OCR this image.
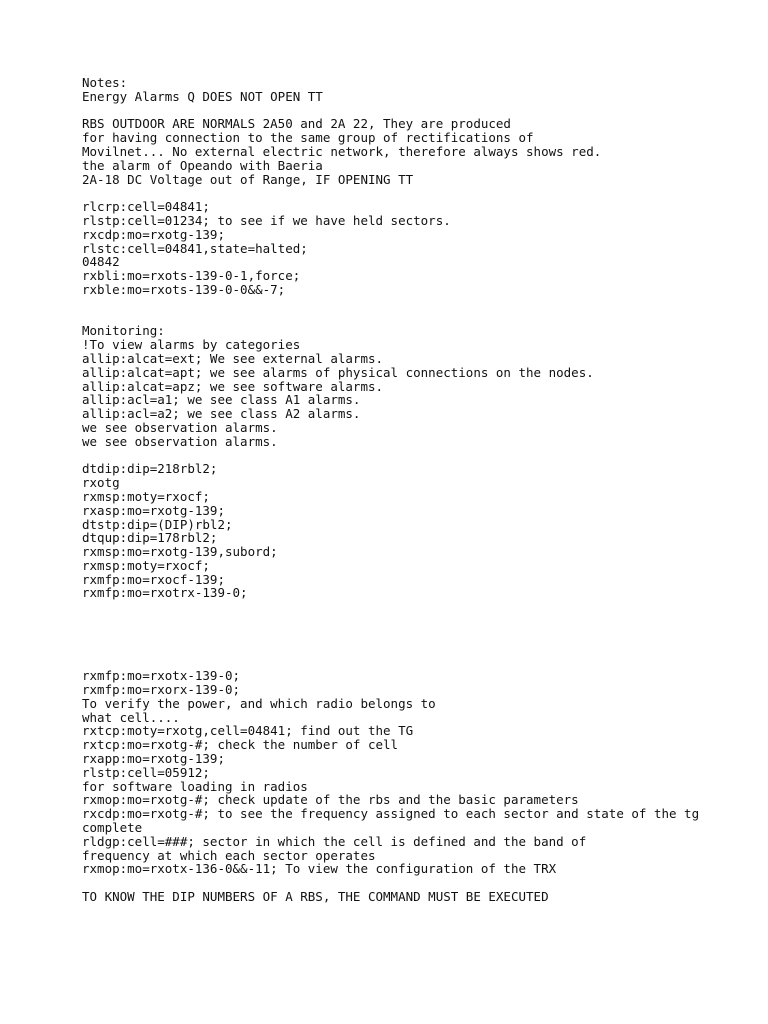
Notes:
Energy Alarms Q DOES NOT OPEN TT
RBS OUTDOOR ARE NORMALS 2A50 and 2A 22, They are produced
for having connection to the same group of rectifications of
Movilnet... No external electric network, therefore always shows red.
the alarm of Opeando with Baeria
2A-18 DC Voltage out of Range, IF OPENING TT
rlcrp:cell=04841;
rlstp:cell=01234; to see if we have held sectors.
rxcdp:mo=rxotg-139;
rlstc:cell=04841,state=halted;
04842
rxbli:mo=rxots-139-0-1,force;
rxble:mo=rxots-139-0-0&&-7;
Monitoring:
!To view alarms by categories
allip:alcat=ext; We see external alarms.
allip:alcat=apt; we see alarms of physical connections on the nodes.
allip:alcat=apz; we see software alarms.
allip:acl=a1; we see class A1 alarms.
allip:acl=a2; we see class A2 alarms.
we see observation alarms.
we see observation alarms.
dtdip:dip=218rbl2;
rxotg
rxmsp:moty=rxocf;
rxasp:mo=rxotg-139;
dtstp:dip=(DIP)rbl2;
dtqup:dip=178rbl2;
rxmsp:mo=rxotg-139,subord;
rxmsp:moty=rxocf;
rxmfp:mo=rxocf-139;
rxmfp:mo=rxotrx-139-0;
rxmfp:mo=rxotx-139-0;
rxmfp:mo=rxorx-139-0;
To verify the power, and which radio belongs to
what cell....
rxtcp:moty=rxotg,cell=04841; find out the TG
rxtcp:mo=rxotg-#; check the number of cell
rxapp:mo=rxotg-139;
rlstp:cell=05912;
for software loading in radios
rxmop:mo=rxotg-#; check update of the rbs and the basic parameters
rxcdp:mo=rxotg-#; to see the frequency assigned to each sector and state of the tg
complete
rldgp:cell=###; sector in which the cell is defined and the band of
frequency at which each sector operates
rxmop:mo=rxotx-136-0&&-11; To view the configuration of the TRX
TO KNOW THE DIP NUMBERS OF A RBS, THE COMMAND MUST BE EXECUTED
